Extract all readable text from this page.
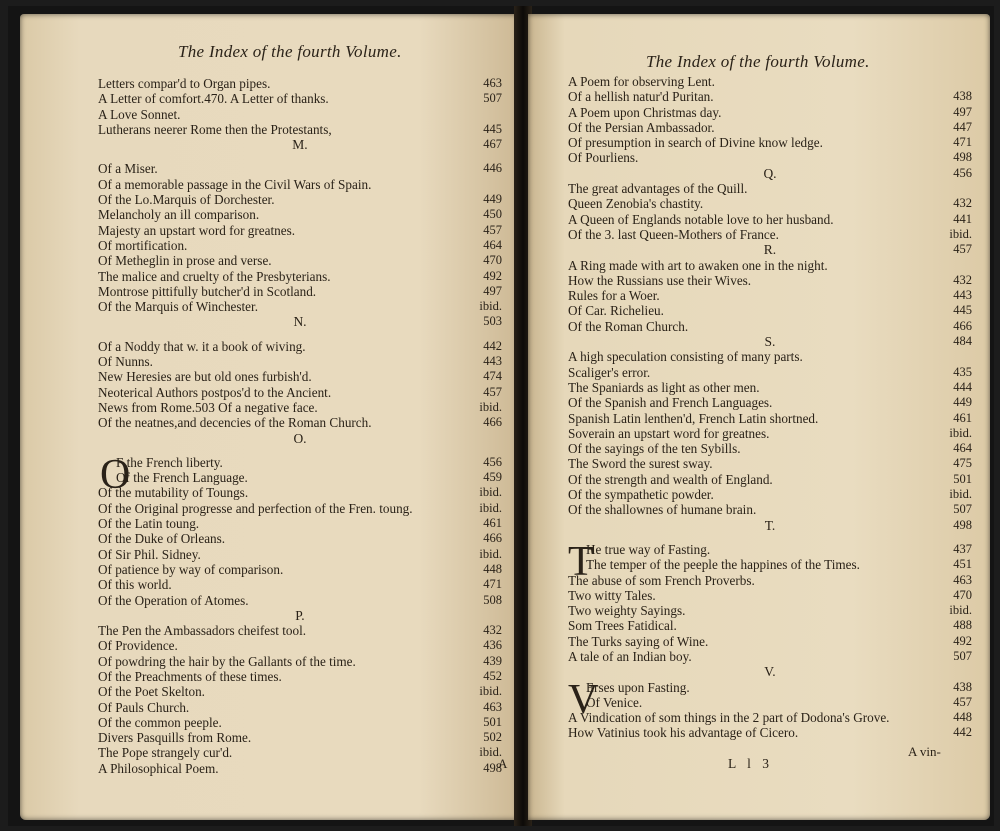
The Index of the fourth Volume.
Letters compar'd to Organ pipes.	463
A Letter of comfort.470. A Letter of thanks.	507
A Love Sonnet.
Lutherans neerer Rome then the Protestants,	445
M.	467
Of a Miser.	446
Of a memorable passage in the Civil Wars of Spain.
Of the Lo.Marquis of Dorchester.	449
Melancholy an ill comparison.	450
Majesty an upstart word for greatnes.	457
Of mortification.	464
Of Metheglin in prose and verse.	470
The malice and cruelty of the Presbyterians.	492
Montrose pittifully butcher'd in Scotland.	497
Of the Marquis of Winchester.	ibid.
N.	503
Of a Noddy that w. it a book of wiving.	442
Of Nunns.	443
New Heresies are but old ones furbish'd.	474
Neoterical Authors postpos'd to the Ancient.	457
News from Rome.503 Of a negative face.	ibid.
Of the neatnes,and decencies of the Roman Church.	466
O.
O
F the French liberty.	456
Of the French Language.	459
Of the mutability of Toungs.	ibid.
Of the Original progresse and perfection of the Fren. toung.	ibid.
Of the Latin toung.	461
Of the Duke of Orleans.	466
Of Sir Phil. Sidney.	ibid.
Of patience by way of comparison.	448
Of this world.	471
Of the Operation of Atomes.	508
P.
The Pen the Ambassadors cheifest tool.	432
Of Providence.	436
Of powdring the hair by the Gallants of the time.	439
Of the Preachments of these times.	452
Of the Poet Skelton.	ibid.
Of Pauls Church.	463
Of the common peeple.	501
Divers Pasquills from Rome.	502
The Pope strangely cur'd.	ibid.
A Philosophical Poem.	498
A
The Index of the fourth Volume.
A Poem for observing Lent.
Of a hellish natur'd Puritan.	438
A Poem upon Christmas day.	497
Of the Persian Ambassador.	447
Of presumption in search of Divine know ledge.	471
Of Pourliens.	498
Q.	456
The great advantages of the Quill.
Queen Zenobia's chastity.	432
A Queen of Englands notable love to her husband.	441
Of the 3. last Queen-Mothers of France.	ibid.
R.	457
A Ring made with art to awaken one in the night.
How the Russians use their Wives.	432
Rules for a Woer.	443
Of Car. Richelieu.	445
Of the Roman Church.	466
S.	484
A high speculation consisting of many parts.
Scaliger's error.	435
The Spaniards as light as other men.	444
Of the Spanish and French Languages.	449
Spanish Latin lenthen'd, French Latin shortned.	461
Soverain an upstart word for greatnes.	ibid.
Of the sayings of the ten Sybills.	464
The Sword the surest sway.	475
Of the strength and wealth of England.	501
Of the sympathetic powder.	ibid.
Of the shallownes of humane brain.	507
T.	498
T
He true way of Fasting.	437
The temper of the peeple the happines of the Times.	451
The abuse of som French Proverbs.	463
Two witty Tales.	470
Two weighty Sayings.	ibid.
Som Trees Fatidical.	488
The Turks saying of Wine.	492
A tale of an Indian boy.	507
V.
V
Erses upon Fasting.	438
Of Venice.	457
A Vindication of som things in the 2 part of Dodona's Grove.	448
How Vatinius took his advantage of Cicero.	442
L l 3
A vin-
